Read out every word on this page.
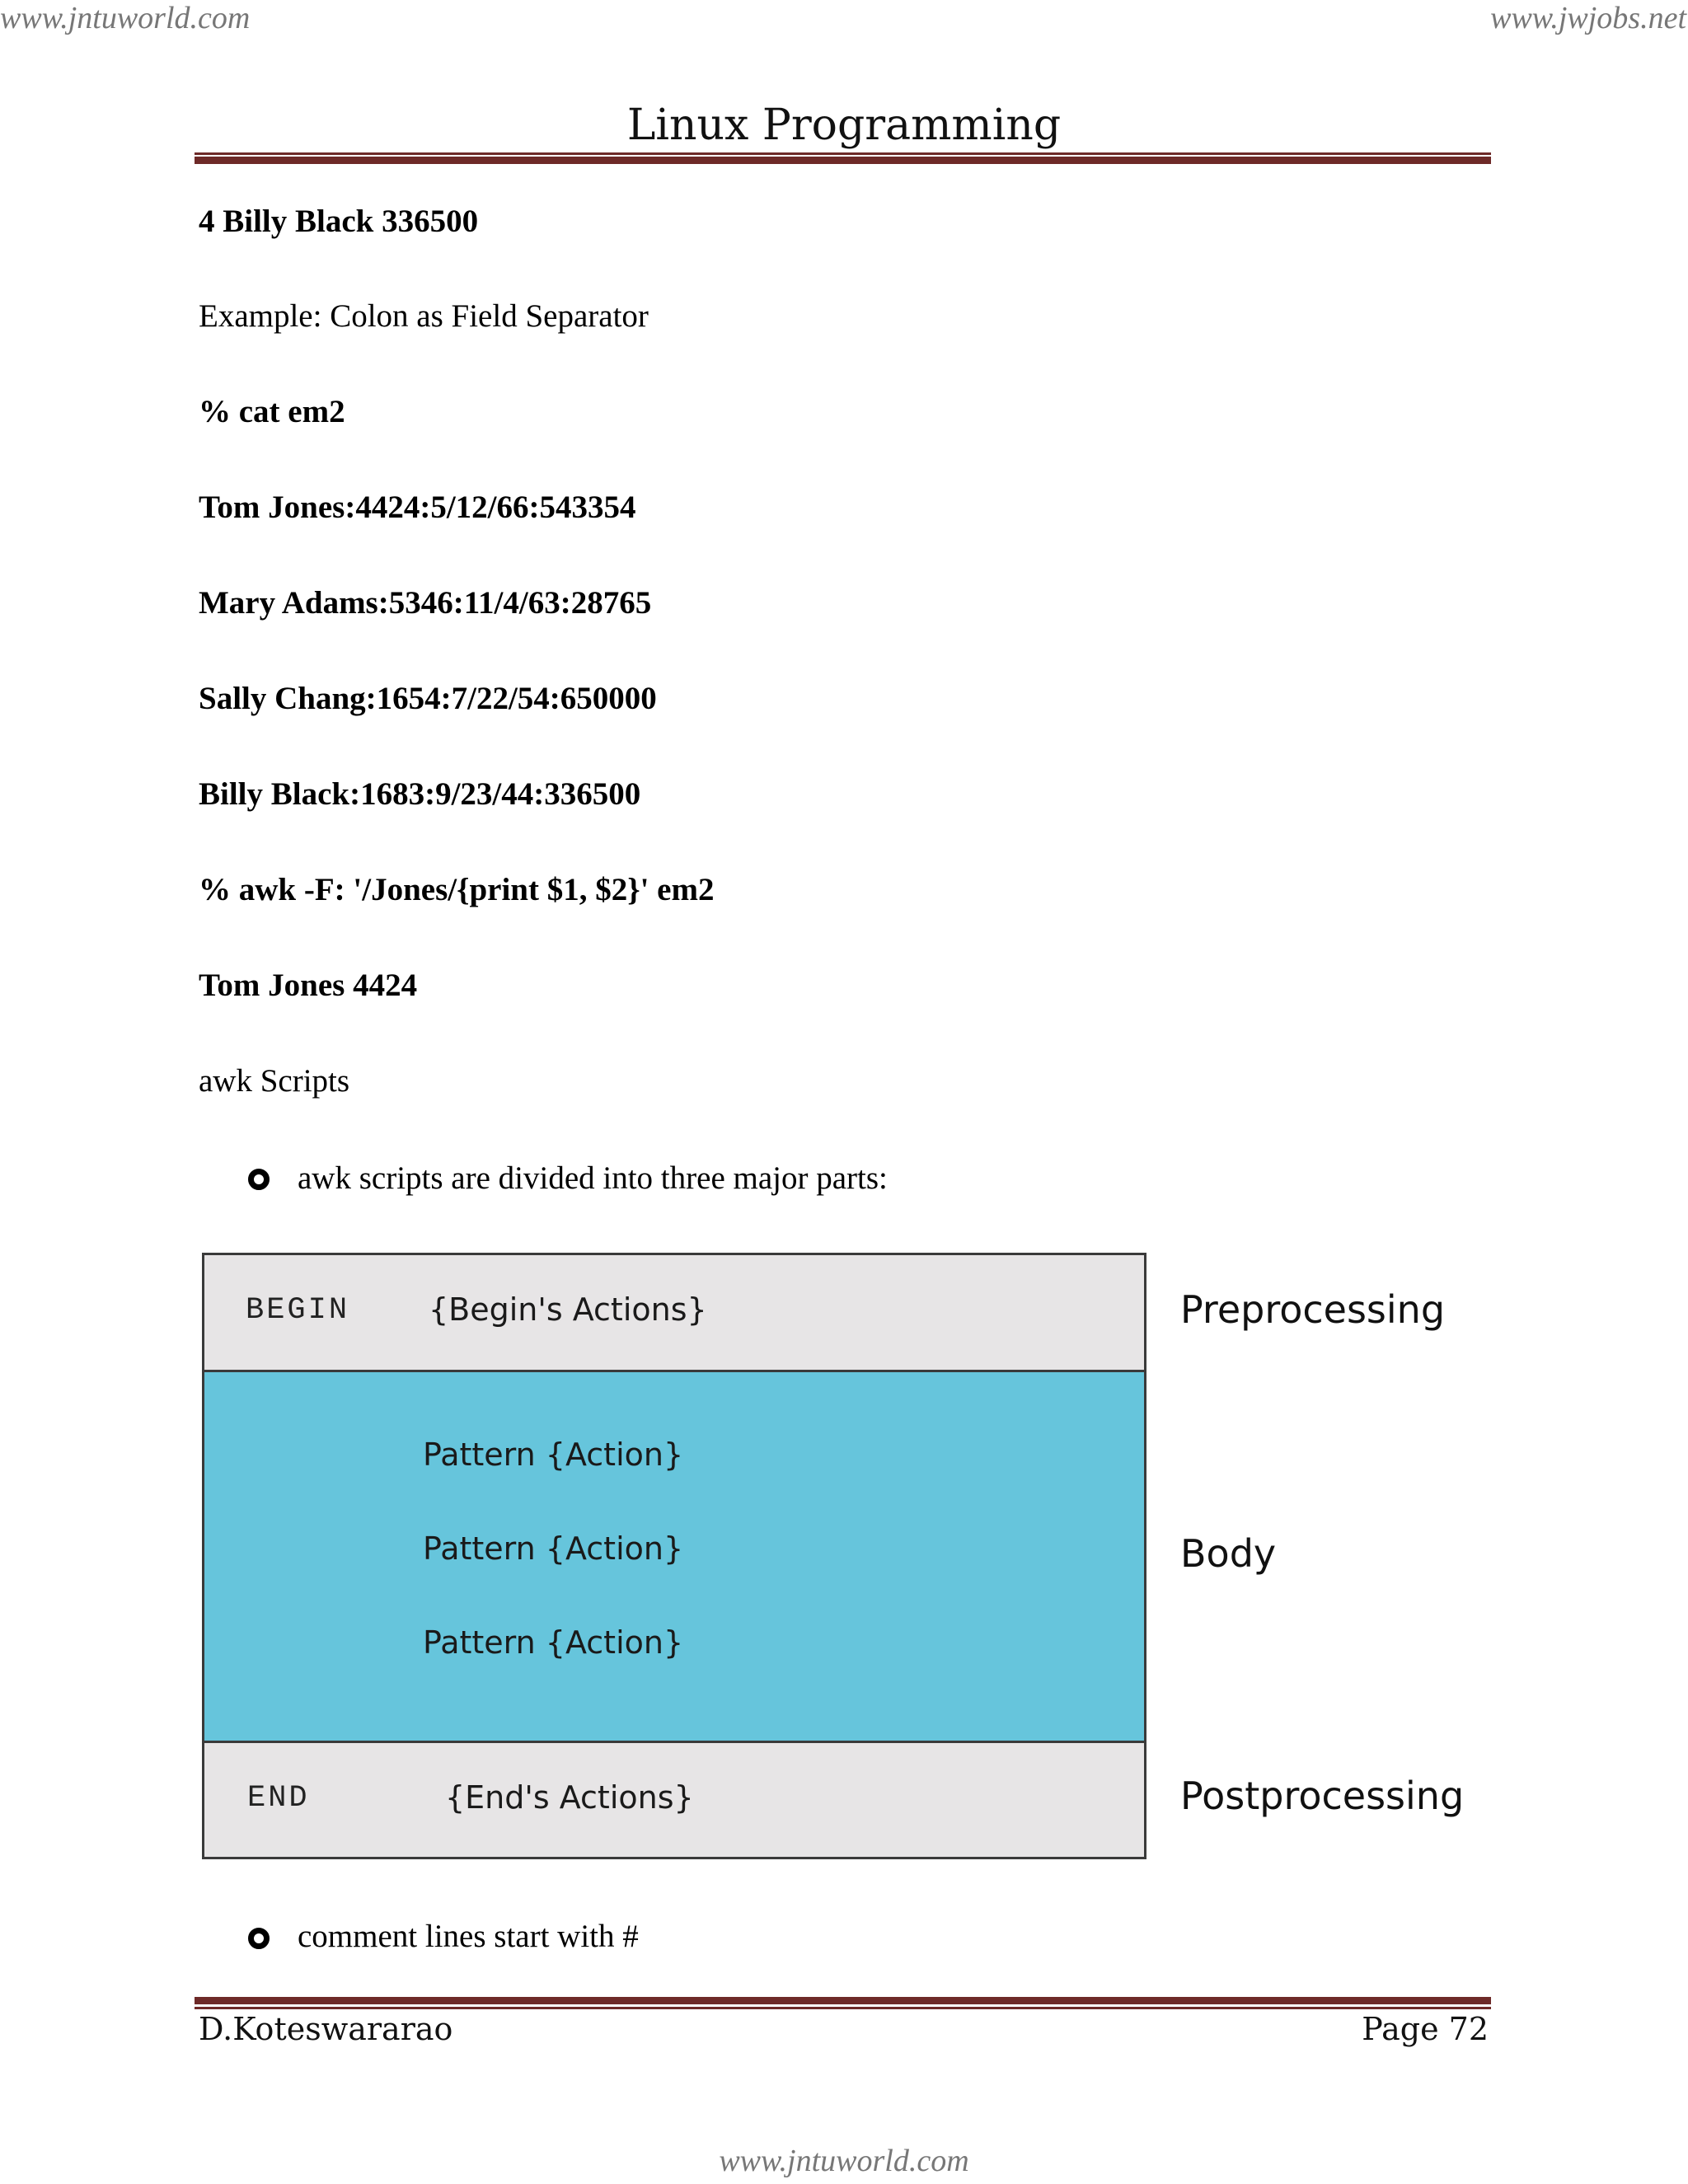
www.jntuworld.com	www.jwjobs.net
Linux Programming
4 Billy Black 336500
Example: Colon as Field Separator
% cat em2
Tom Jones:4424:5/12/66:543354
Mary Adams:5346:11/4/63:28765
Sally Chang:1654:7/22/54:650000
Billy Black:1683:9/23/44:336500
% awk -F: '/Jones/{print $1, $2}' em2
Tom Jones 4424
awk Scripts
awk scripts are divided into three major parts:
BEGIN	{Begin's Actions}
Pattern {Action}
Pattern {Action}
Pattern {Action}
END	{End's Actions}
Preprocessing
Body
Postprocessing
comment lines start with #
D.Koteswararao	Page 72
www.jntuworld.com
